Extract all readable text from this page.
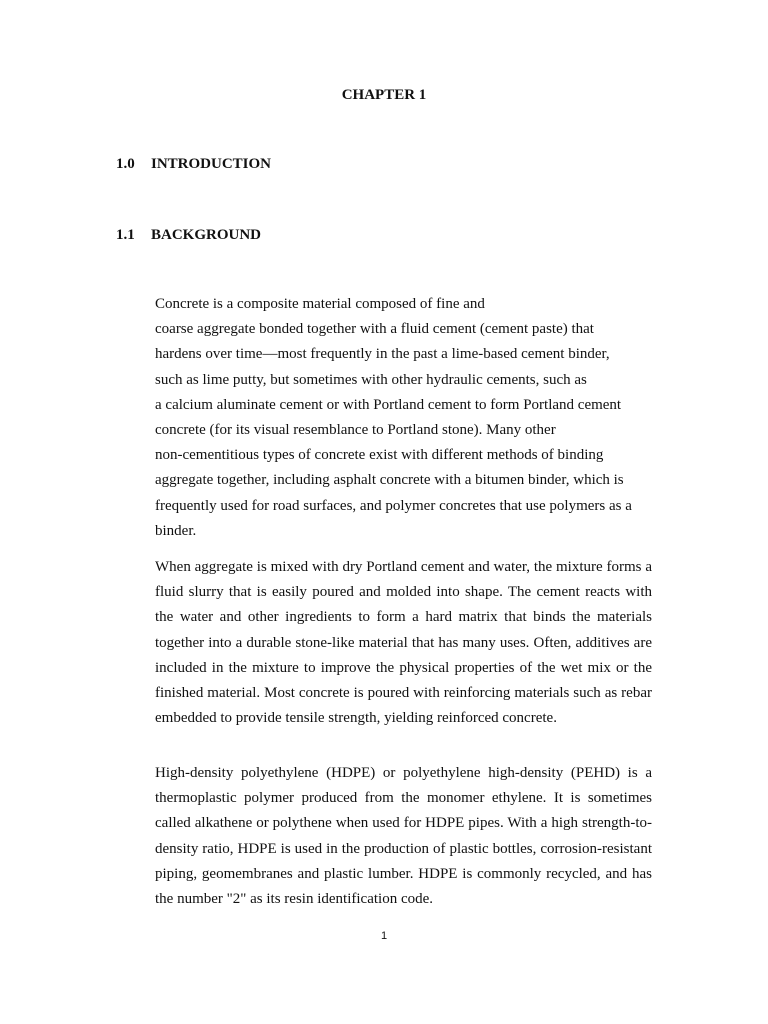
CHAPTER 1
1.0 INTRODUCTION
1.1 BACKGROUND
Concrete is a composite material composed of fine and
coarse aggregate bonded together with a fluid cement (cement paste) that
hardens over time—most frequently in the past a lime-based cement binder,
such as lime putty, but sometimes with other hydraulic cements, such as
a calcium aluminate cement or with Portland cement to form Portland cement
concrete (for its visual resemblance to Portland stone). Many other
non-cementitious types of concrete exist with different methods of binding
aggregate together, including asphalt concrete with a bitumen binder, which is
frequently used for road surfaces, and polymer concretes that use polymers as a
binder.

When aggregate is mixed with dry Portland cement and water, the mixture forms a fluid slurry that is easily poured and molded into shape. The cement reacts with the water and other ingredients to form a hard matrix that binds the materials together into a durable stone-like material that has many uses. Often, additives are included in the mixture to improve the physical properties of the wet mix or the finished material. Most concrete is poured with reinforcing materials such as rebar embedded to provide tensile strength, yielding reinforced concrete.

High-density polyethylene (HDPE) or polyethylene high-density (PEHD) is a thermoplastic polymer produced from the monomer ethylene. It is sometimes called alkathene or polythene when used for HDPE pipes. With a high strength-to-density ratio, HDPE is used in the production of plastic bottles, corrosion-resistant piping, geomembranes and plastic lumber. HDPE is commonly recycled, and has the number "2" as its resin identification code.

1
